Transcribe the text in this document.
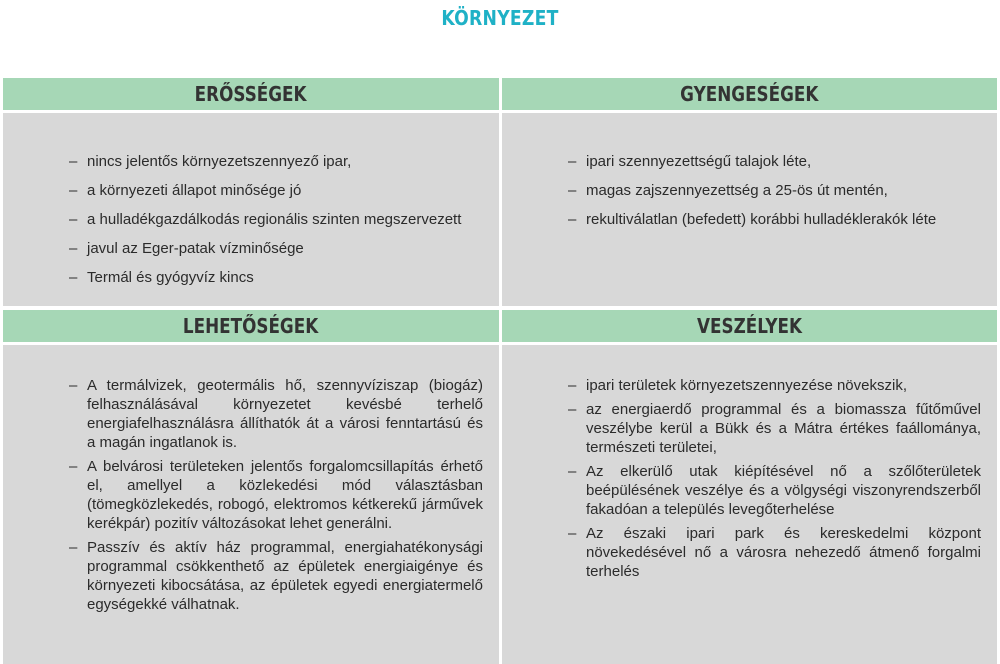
KÖRNYEZET
ERŐSSÉGEK
– nincs jelentős környezetszennyező ipar,
– a környezeti állapot minősége jó
– a hulladékgazdálkodás regionális szinten megszervezett
– javul az Eger-patak vízminősége
– Termál és gyógyvíz kincs
GYENGESÉGEK
– ipari szennyezettségű talajok léte,
– magas zajszennyezettség a 25-ös út mentén,
– rekultiválatlan (befedett) korábbi hulladéklerakók léte
LEHETŐSÉGEK
– A termálvizek, geotermális hő, szennyvíziszap (biogáz) felhasználásával környezetet kevésbé terhelő energiafelhasználásra állíthatók át a városi fenntartású és a magán ingatlanok is.
– A belvárosi területeken jelentős forgalomcsillapítás érhető el, amellyel a közlekedési mód választásban (tömegközlekedés, robogó, elektromos kétkerekű járművek kerékpár) pozitív változásokat lehet generálni.
– Passzív és aktív ház programmal, energiahatékonysági programmal csökkenthető az épületek energiaigénye és környezeti kibocsátása, az épületek egyedi energiatermelő egységekké válhatnak.
VESZÉLYEK
– ipari területek környezetszennyezése növekszik,
– az energiaerdő programmal és a biomassza fűtőművel veszélybe kerül a Bükk és a Mátra értékes faállománya, természeti területei,
– Az elkerülő utak kiépítésével nő a szőlőterületek beépülésének veszélye és a völgységi viszonyrendszerből fakadóan a település levegőterhelése
– Az északi ipari park és kereskedelmi központ növekedésével nő a városra nehezedő átmenő forgalmi terhelés
